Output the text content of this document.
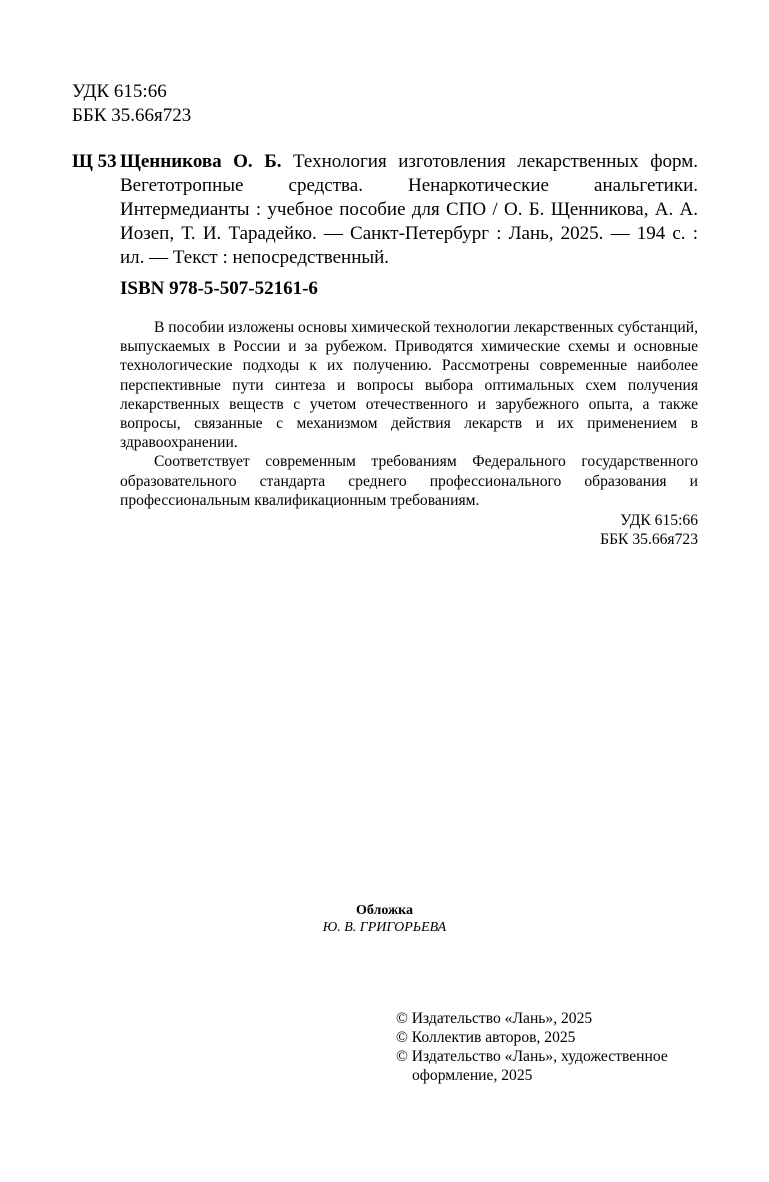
УДК 615:66
ББК 35.66я723
Щ 53 Щенникова О. Б. Технология изготовления лекарственных форм. Вегетотропные средства. Ненаркотические анальгетики. Интермедианты : учебное пособие для СПО / О. Б. Щенникова, А. А. Иозеп, Т. И. Тарадейко. — Санкт-Петербург : Лань, 2025. — 194 с. : ил. — Текст : непосредственный.
ISBN 978-5-507-52161-6

В пособии изложены основы химической технологии лекарственных субстанций, выпускаемых в России и за рубежом. Приводятся химические схемы и основные технологические подходы к их получению. Рассмотрены современные наиболее перспективные пути синтеза и вопросы выбора оптимальных схем получения лекарственных веществ с учетом отечественного и зарубежного опыта, а также вопросы, связанные с механизмом действия лекарств и их применением в здравоохранении.

Соответствует современным требованиям Федерального государственного образовательного стандарта среднего профессионального образования и профессиональным квалификационным требованиям.

УДК 615:66
ББК 35.66я723
Обложка
Ю. В. ГРИГОРЬЕВА
© Издательство «Лань», 2025
© Коллектив авторов, 2025
© Издательство «Лань», художественное
оформление, 2025
